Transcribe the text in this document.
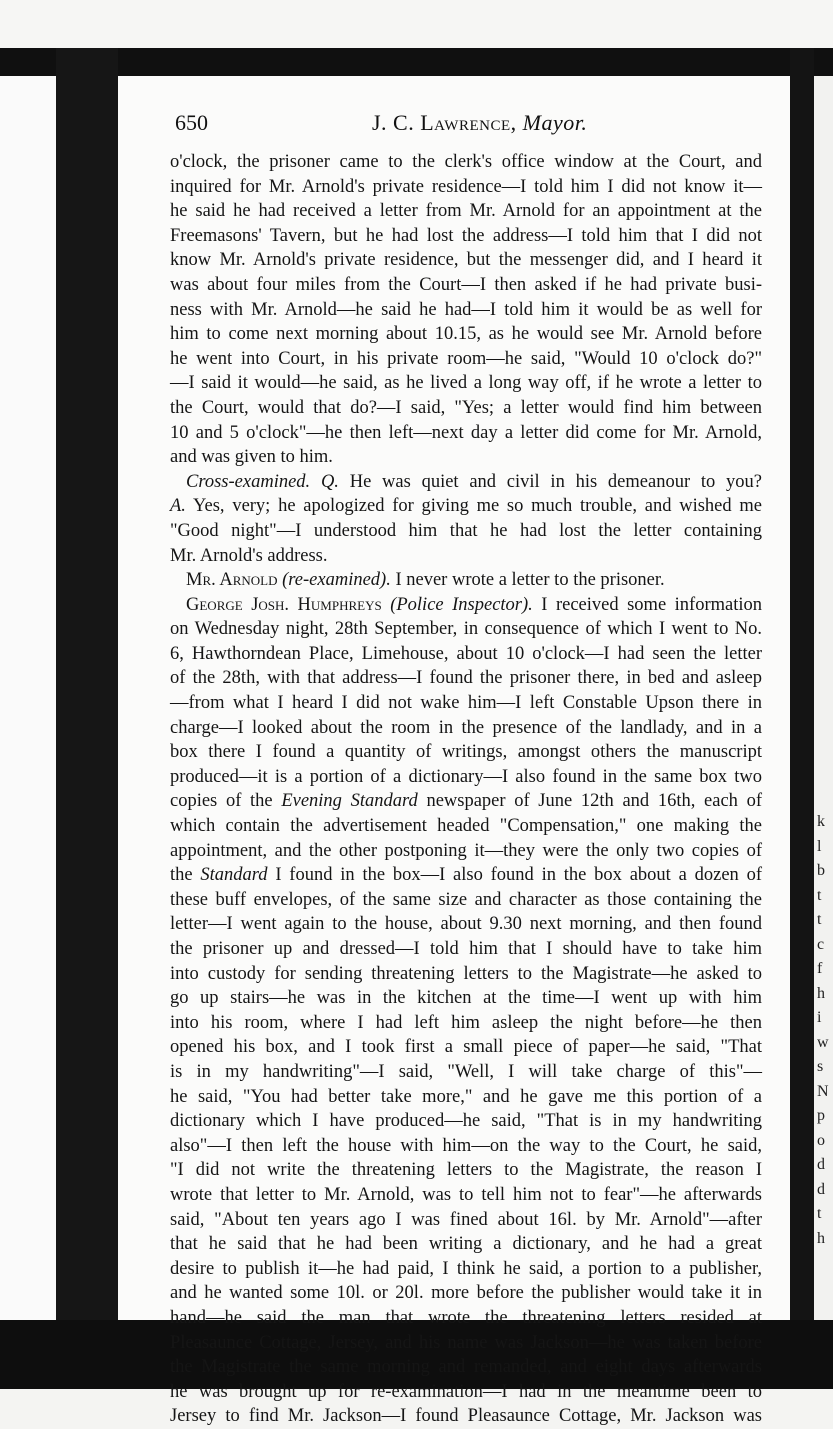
650	J. C. Lawrence, Mayor.
o'clock, the prisoner came to the clerk's office window at the Court, and
inquired for Mr. Arnold's private residence—I told him I did not know it—
he said he had received a letter from Mr. Arnold for an appointment at the
Freemasons' Tavern, but he had lost the address—I told him that I did not
know Mr. Arnold's private residence, but the messenger did, and I heard it
was about four miles from the Court—I then asked if he had private busi-
ness with Mr. Arnold—he said he had—I told him it would be as well for
him to come next morning about 10.15, as he would see Mr. Arnold before
he went into Court, in his private room—he said, "Would 10 o'clock do?"
—I said it would—he said, as he lived a long way off, if he wrote a letter to
the Court, would that do?—I said, "Yes; a letter would find him between
10 and 5 o'clock"—he then left—next day a letter did come for Mr. Arnold,
and was given to him.
Cross-examined. Q. He was quiet and civil in his demeanour to you?
A. Yes, very; he apologized for giving me so much trouble, and wished me
"Good night"—I understood him that he had lost the letter containing
Mr. Arnold's address.
Mr. Arnold (re-examined). I never wrote a letter to the prisoner.
George Josh. Humphreys (Police Inspector). I received some information
on Wednesday night, 28th September, in consequence of which I went to No.
6, Hawthorndean Place, Limehouse, about 10 o'clock—I had seen the letter
of the 28th, with that address—I found the prisoner there, in bed and asleep
—from what I heard I did not wake him—I left Constable Upson there in
charge—I looked about the room in the presence of the landlady, and in a
box there I found a quantity of writings, amongst others the manuscript
produced—it is a portion of a dictionary—I also found in the same box two
copies of the Evening Standard newspaper of June 12th and 16th, each of
which contain the advertisement headed "Compensation," one making the
appointment, and the other postponing it—they were the only two copies of
the Standard I found in the box—I also found in the box about a dozen of
these buff envelopes, of the same size and character as those containing the
letter—I went again to the house, about 9.30 next morning, and then found
the prisoner up and dressed—I told him that I should have to take him
into custody for sending threatening letters to the Magistrate—he asked to
go up stairs—he was in the kitchen at the time—I went up with him
into his room, where I had left him asleep the night before—he then
opened his box, and I took first a small piece of paper—he said, "That
is in my handwriting"—I said, "Well, I will take charge of this"—
he said, "You had better take more," and he gave me this portion of a
dictionary which I have produced—he said, "That is in my handwriting
also"—I then left the house with him—on the way to the Court, he said,
"I did not write the threatening letters to the Magistrate, the reason I
wrote that letter to Mr. Arnold, was to tell him not to fear"—he afterwards
said, "About ten years ago I was fined about 16l. by Mr. Arnold"—after
that he said that he had been writing a dictionary, and he had a great
desire to publish it—he had paid, I think he said, a portion to a publisher,
and he wanted some 10l. or 20l. more before the publisher would take it in
hand—he said the man that wrote the threatening letters resided at
Pleasaunce Cottage, Jersey, and his name was Jackson—he was taken before
the Magistrate the same morning and remanded, and eight days afterwards
he was brought up for re-examination—I had in the meantime been to
Jersey to find Mr. Jackson—I found Pleasaunce Cottage, Mr. Jackson was
k
l
b
t
t
c
f
h
i
w
s
N
p
o
d
d
t
h
